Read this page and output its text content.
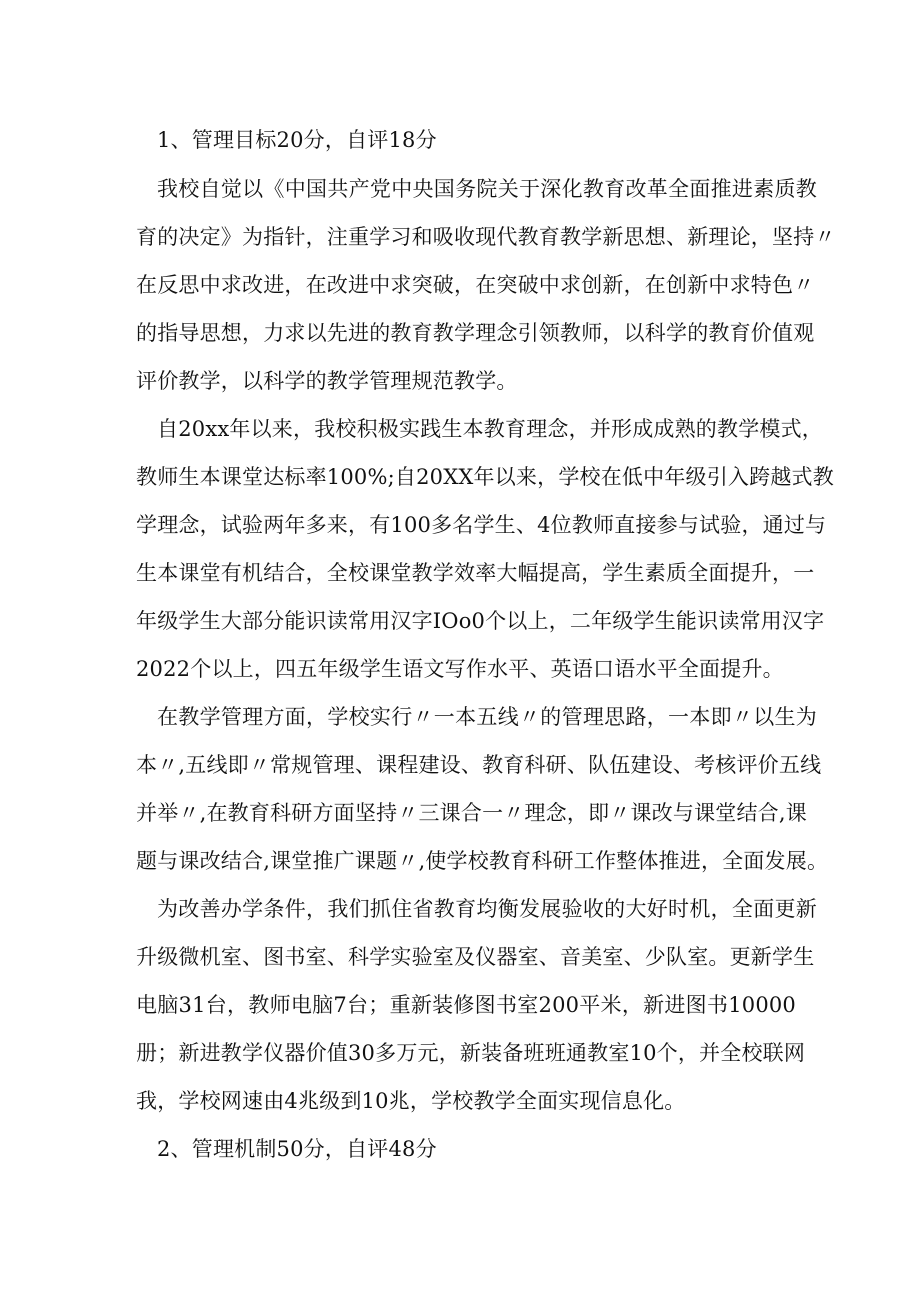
1、管理目标20分，自评18分
我校自觉以《中国共产党中央国务院关于深化教育改革全面推进素质教
育的决定》为指针，注重学习和吸收现代教育教学新思想、新理论，坚持〃
在反思中求改进，在改进中求突破，在突破中求创新，在创新中求特色〃
的指导思想，力求以先进的教育教学理念引领教师，以科学的教育价值观
评价教学，以科学的教学管理规范教学。
自20xx年以来，我校积极实践生本教育理念，并形成成熟的教学模式，
教师生本课堂达标率100%;自20XX年以来，学校在低中年级引入跨越式教
学理念，试验两年多来，有100多名学生、4位教师直接参与试验，通过与
生本课堂有机结合，全校课堂教学效率大幅提高，学生素质全面提升，一
年级学生大部分能识读常用汉字IOo0个以上，二年级学生能识读常用汉字
2022个以上，四五年级学生语文写作水平、英语口语水平全面提升。
在教学管理方面，学校实行〃一本五线〃的管理思路，一本即〃以生为
本〃,五线即〃常规管理、课程建设、教育科研、队伍建设、考核评价五线
并举〃,在教育科研方面坚持〃三课合一〃理念，即〃课改与课堂结合,课
题与课改结合,课堂推广课题〃,使学校教育科研工作整体推进，全面发展。
为改善办学条件，我们抓住省教育均衡发展验收的大好时机，全面更新
升级微机室、图书室、科学实验室及仪器室、音美室、少队室。更新学生
电脑31台，教师电脑7台；重新装修图书室200平米，新进图书10000
册；新进教学仪器价值30多万元，新装备班班通教室10个，并全校联网
我，学校网速由4兆级到10兆，学校教学全面实现信息化。
2、管理机制50分，自评48分
